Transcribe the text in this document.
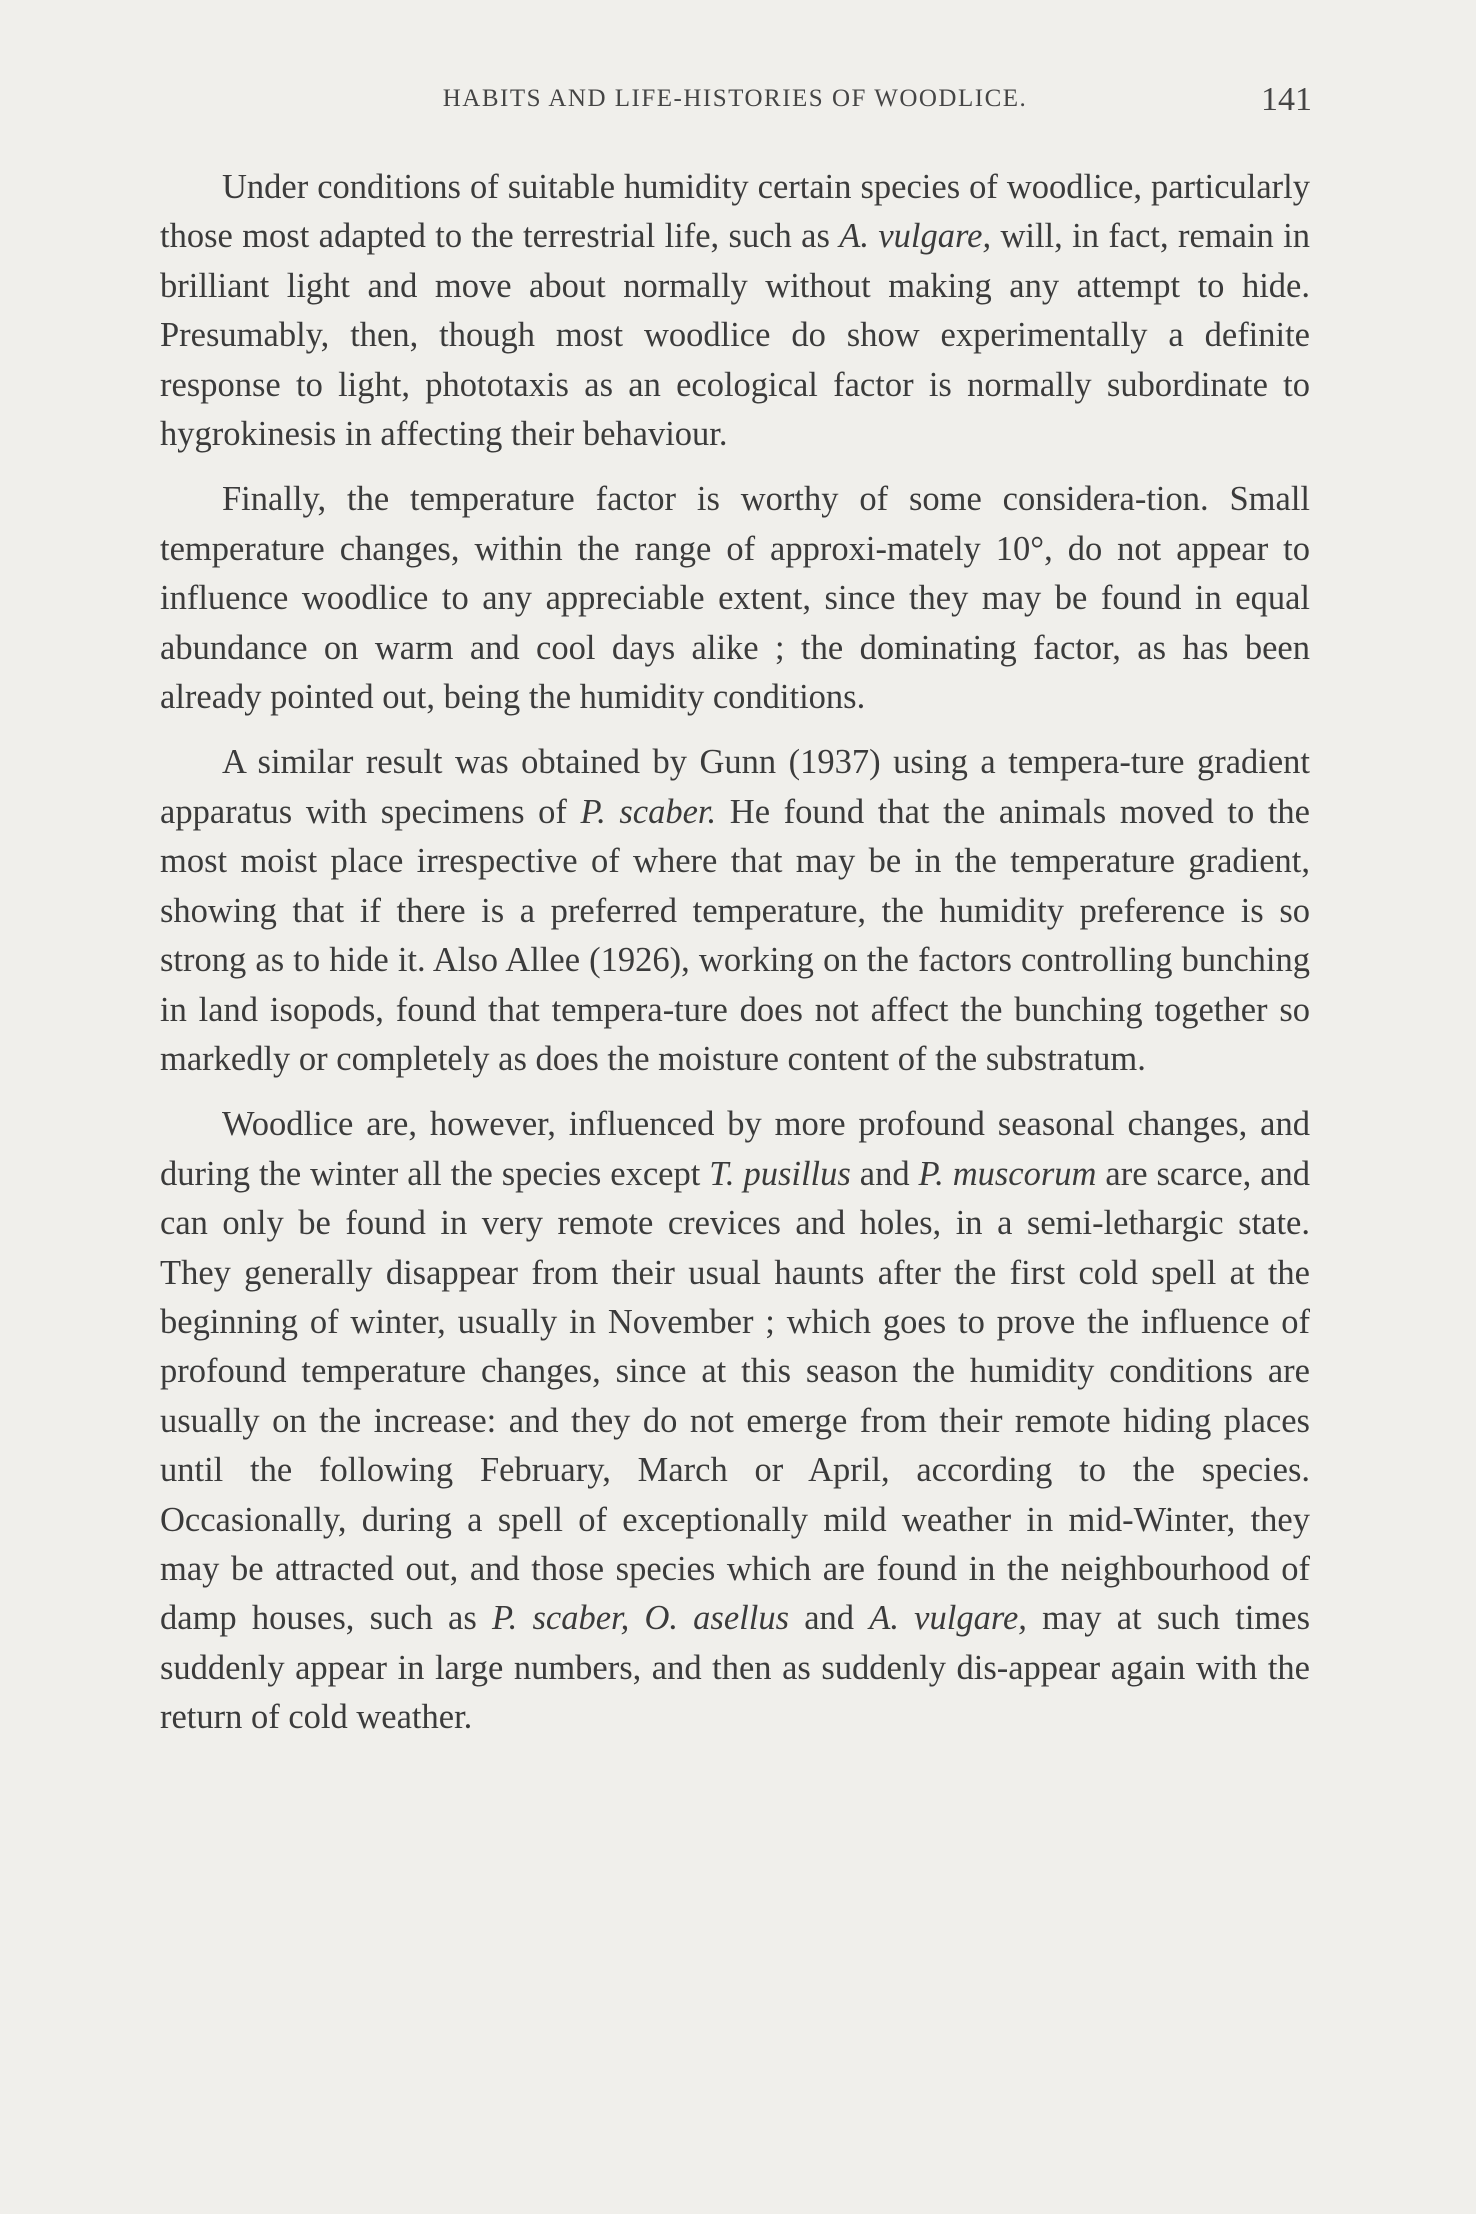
HABITS AND LIFE-HISTORIES OF WOODLICE.	141

Under conditions of suitable humidity certain species of woodlice, particularly those most adapted to the terrestrial life, such as A. vulgare, will, in fact, remain in brilliant light and move about normally without making any attempt to hide. Presumably, then, though most woodlice do show experimentally a definite response to light, phototaxis as an ecological factor is normally subordinate to hygrokinesis in affecting their behaviour.

Finally, the temperature factor is worthy of some considera-tion. Small temperature changes, within the range of approxi-mately 10°, do not appear to influence woodlice to any appreciable extent, since they may be found in equal abundance on warm and cool days alike ; the dominating factor, as has been already pointed out, being the humidity conditions.

A similar result was obtained by Gunn (1937) using a tempera-ture gradient apparatus with specimens of P. scaber. He found that the animals moved to the most moist place irrespective of where that may be in the temperature gradient, showing that if there is a preferred temperature, the humidity preference is so strong as to hide it. Also Allee (1926), working on the factors controlling bunching in land isopods, found that tempera-ture does not affect the bunching together so markedly or completely as does the moisture content of the substratum.

Woodlice are, however, influenced by more profound seasonal changes, and during the winter all the species except T. pusillus and P. muscorum are scarce, and can only be found in very remote crevices and holes, in a semi-lethargic state. They generally disappear from their usual haunts after the first cold spell at the beginning of winter, usually in November ; which goes to prove the influence of profound temperature changes, since at this season the humidity conditions are usually on the increase: and they do not emerge from their remote hiding places until the following February, March or April, according to the species. Occasionally, during a spell of exceptionally mild weather in mid-Winter, they may be attracted out, and those species which are found in the neighbourhood of damp houses, such as P. scaber, O. asellus and A. vulgare, may at such times suddenly appear in large numbers, and then as suddenly dis-appear again with the return of cold weather.
